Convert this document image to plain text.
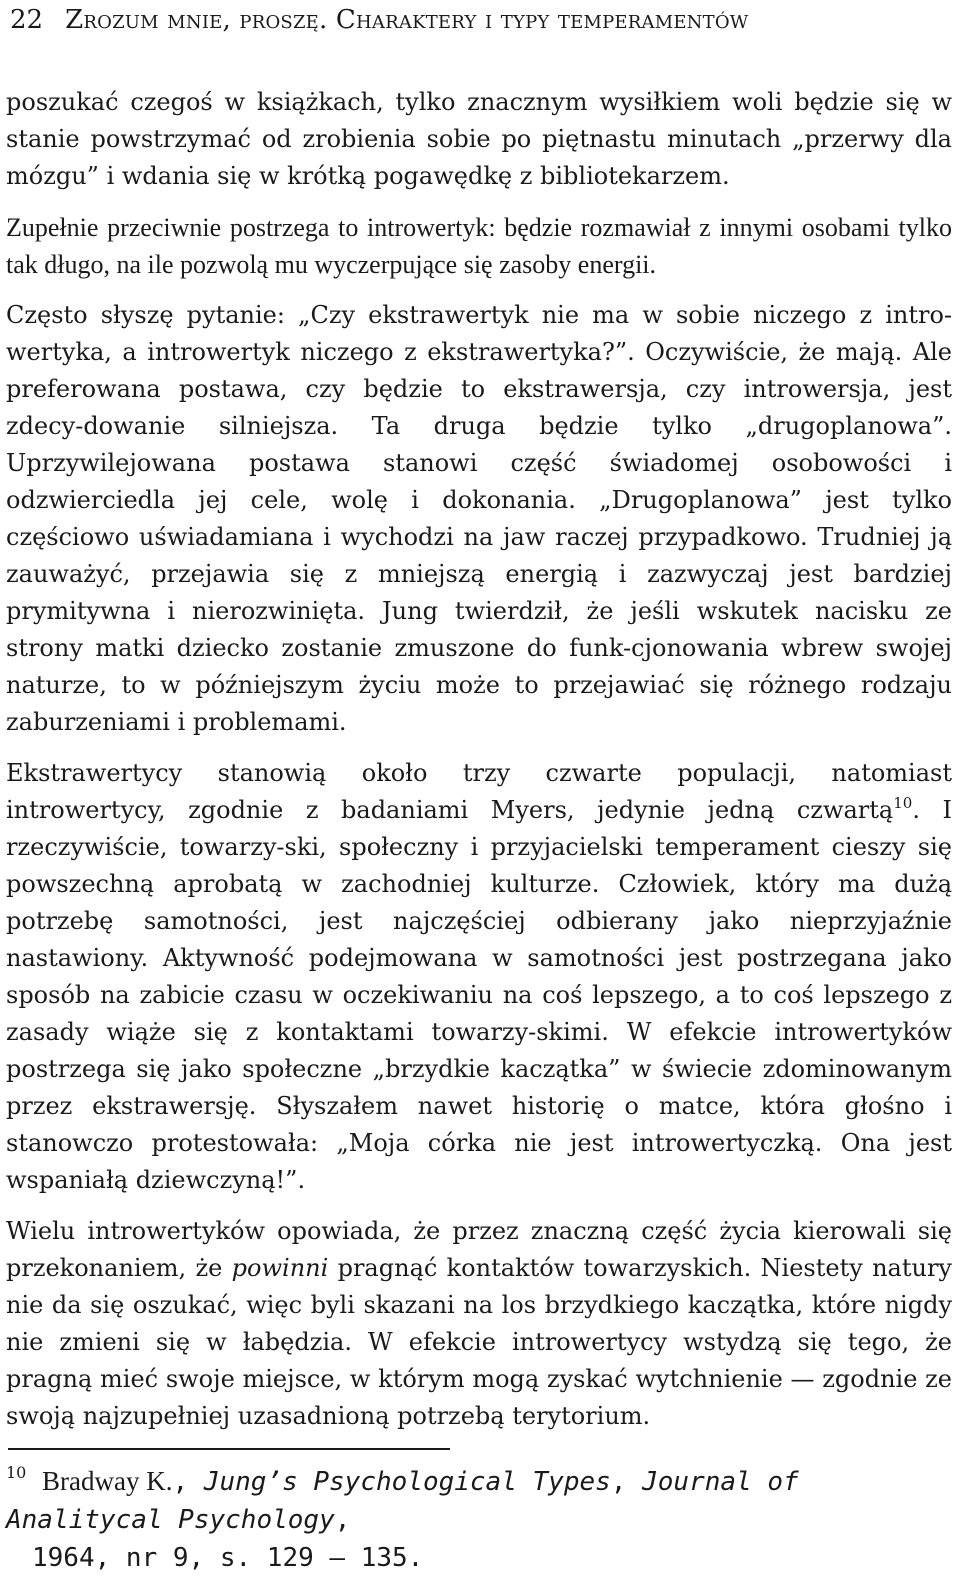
22 Zrozum mnie, proszę. Charaktery i typy temperamentów

poszukać czegoś w książkach, tylko znacznym wysiłkiem woli będzie się w stanie powstrzymać od zrobienia sobie po piętnastu minutach „przerwy dla mózgu” i wdania się w krótką pogawędkę z bibliotekarzem.

Zupełnie przeciwnie postrzega to introwertyk: będzie rozmawiał z innymi osobami tylko tak długo, na ile pozwolą mu wyczerpujące się zasoby energii.

Często słyszę pytanie: „Czy ekstrawertyk nie ma w sobie niczego z intro-wertyka, a introwertyk niczego z ekstrawertyka?”. Oczywiście, że mają. Ale preferowana postawa, czy będzie to ekstrawersja, czy introwersja, jest zdecy-dowanie silniejsza. Ta druga będzie tylko „drugoplanowa”. Uprzywilejowana postawa stanowi część świadomej osobowości i odzwierciedla jej cele, wolę i dokonania. „Drugoplanowa” jest tylko częściowo uświadamiana i wychodzi na jaw raczej przypadkowo. Trudniej ją zauważyć, przejawia się z mniejszą energią i zazwyczaj jest bardziej prymitywna i nierozwinięta. Jung twierdził, że jeśli wskutek nacisku ze strony matki dziecko zostanie zmuszone do funk-cjonowania wbrew swojej naturze, to w późniejszym życiu może to przejawiać się różnego rodzaju zaburzeniami i problemami.

Ekstrawertycy stanowią około trzy czwarte populacji, natomiast introwertycy, zgodnie z badaniami Myers, jedynie jedną czwartą$^{10}$. I rzeczywiście, towarzy-ski, społeczny i przyjacielski temperament cieszy się powszechną aprobatą w zachodniej kulturze. Człowiek, który ma dużą potrzebę samotności, jest najczęściej odbierany jako nieprzyjaźnie nastawiony. Aktywność podejmowana w samotności jest postrzegana jako sposób na zabicie czasu w oczekiwaniu na coś lepszego, a to coś lepszego z zasady wiąże się z kontaktami towarzy-skimi. W efekcie introwertyków postrzega się jako społeczne „brzydkie kaczątka” w świecie zdominowanym przez ekstrawersję. Słyszałem nawet historię o matce, która głośno i stanowczo protestowała: „Moja córka nie jest introwertyczką. Ona jest wspaniałą dziewczyną!”.

Wielu introwertyków opowiada, że przez znaczną część życia kierowali się przekonaniem, że powinni pragnąć kontaktów towarzyskich. Niestety natury nie da się oszukać, więc byli skazani na los brzydkiego kaczątka, które nigdy nie zmieni się w łabędzia. W efekcie introwertycy wstydzą się tego, że pragną mieć swoje miejsce, w którym mogą zyskać wytchnienie — zgodnie ze swoją najzupełniej uzasadnioną potrzebą terytorium.

$^{10}$ Bradway K., Jung’s Psychological Types, Journal of Analitycal Psychology,
1964, nr 9, s. 129 — 135.
